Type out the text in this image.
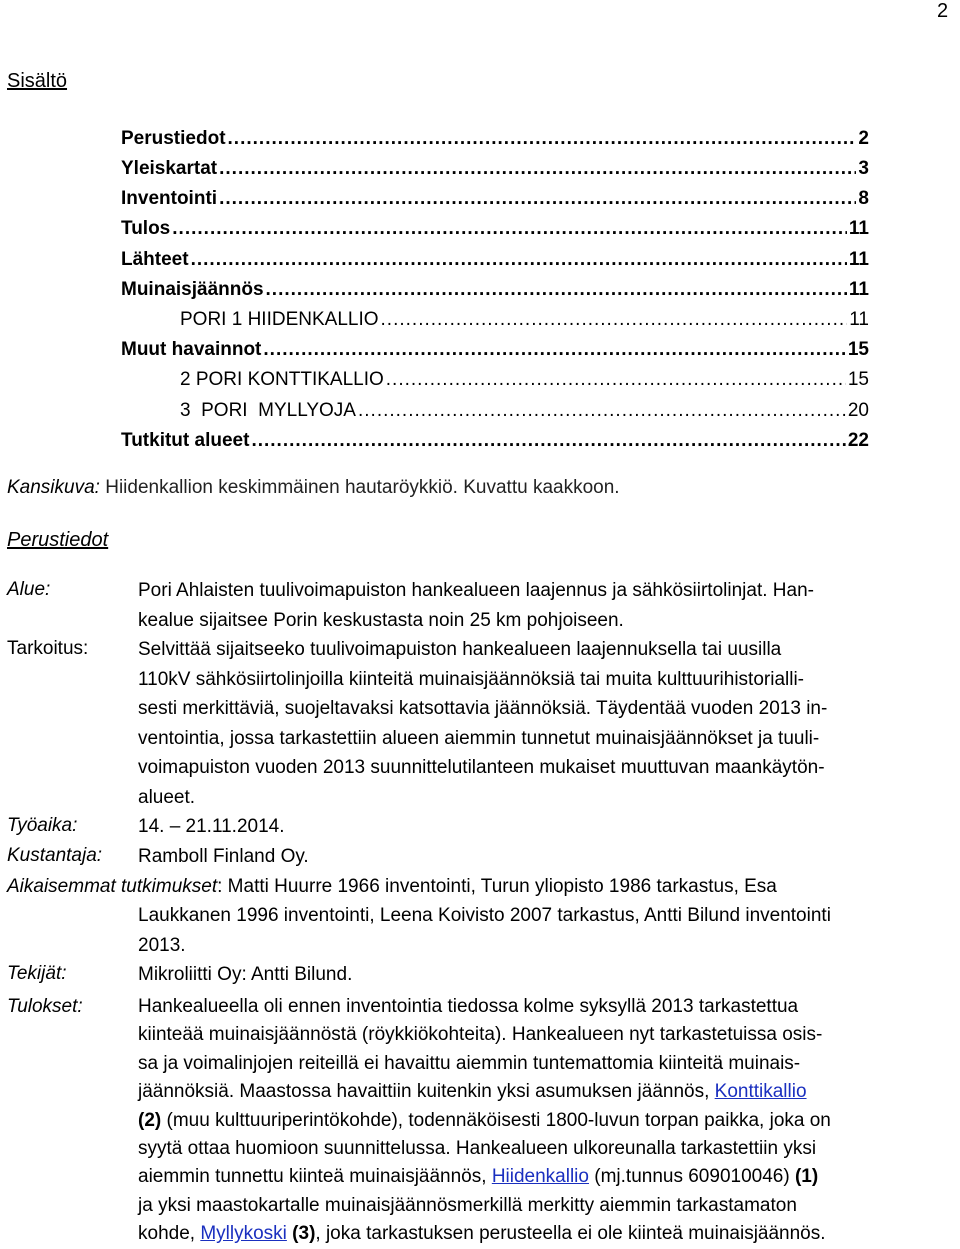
2
Sisältö
Perustiedot .....	2
Yleiskartat .....	3
Inventointi .....	8
Tulos .....	11
Lähteet .....	11
Muinaisjäännös .....	11
PORI 1 HIIDENKALLIO .....	11
Muut havainnot .....	15
2 PORI KONTTIKALLIO .....	15
3  PORI  MYLLYOJA .....	20
Tutkitut alueet .....	22
Kansikuva: Hiidenkallion keskimmäinen hautaröykkiö. Kuvattu kaakkoon.
Perustiedot
Alue:	Pori Ahlaisten tuulivoimapuiston hankealueen laajennus ja sähkösiirtolinjat. Han-
kealue sijaitsee Porin keskustasta noin 25 km pohjoiseen.
Tarkoitus:	Selvittää sijaitseeko tuulivoimapuiston hankealueen laajennuksella tai uusilla
110kV sähkösiirtolinjoilla kiinteitä muinaisjäännöksiä tai muita kulttuurihistorialli-
sesti merkittäviä, suojeltavaksi katsottavia jäännöksiä. Täydentää vuoden 2013 in-
ventointia, jossa tarkastettiin alueen aiemmin tunnetut muinaisjäännökset ja tuuli-
voimapuiston vuoden 2013 suunnittelutilanteen mukaiset muuttuvan maankäytön-
alueet.
Työaika:	14. – 21.11.2014.
Kustantaja: Ramboll Finland Oy.
Aikaisemmat tutkimukset: Matti Huurre 1966 inventointi, Turun yliopisto 1986 tarkastus, Esa
Laukkanen 1996 inventointi, Leena Koivisto 2007 tarkastus, Antti Bilund inventointi
2013.
Tekijät:	Mikroliitti Oy: Antti Bilund.
Tulokset:	Hankealueella oli ennen inventointia tiedossa kolme syksyllä 2013 tarkastettua
kiinteää muinaisjäännöstä (röykkiökohteita). Hankealueen nyt tarkastetuissa osis-
sa ja voimalinjojen reiteillä ei havaittu aiemmin tuntemattomia kiinteitä muinais-
jäännöksiä. Maastossa havaittiin kuitenkin yksi asumuksen jäännös, Konttikallio
(2) (muu kulttuuriperintökohde), todennäköisesti 1800-luvun torpan paikka, joka on
syytä ottaa huomioon suunnittelussa. Hankealueen ulkoreunalla tarkastettiin yksi
aiemmin tunnettu kiinteä muinaisjäännös, Hiidenkallio (mj.tunnus 609010046) (1)
ja yksi maastokartalle muinaisjäännösmerkillä merkitty aiemmin tarkastamaton
kohde, Myllykoski (3), joka tarkastuksen perusteella ei ole kiinteä muinaisjäännös.
